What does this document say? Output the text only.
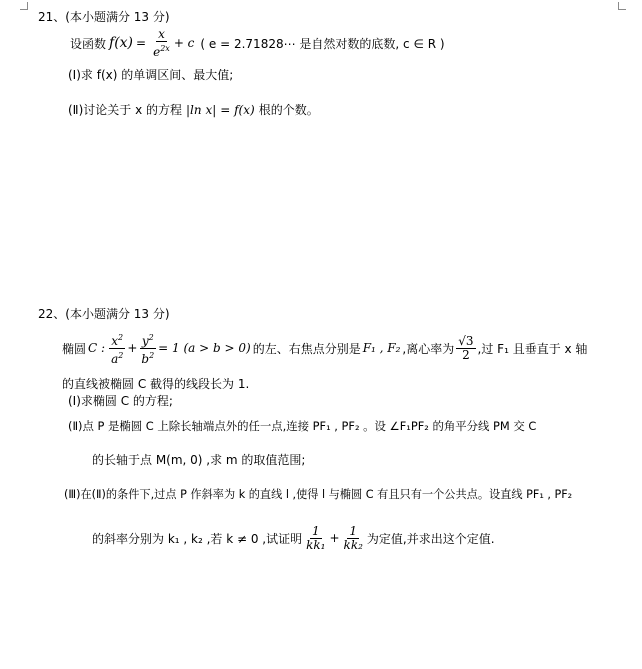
21、(本小题满分 13 分)
设函数 $f(x) = \frac{x}{e^{2x}} + c$ ( e = 2.71828⋯ 是自然对数的底数, c ∈ R )
(Ⅰ)求 f(x) 的单调区间、最大值;
(Ⅱ)讨论关于 x 的方程 |ln x| = f(x) 根的个数。
22、(本小题满分 13 分)
椭圆 C : $\frac{x^2}{a^2} + \frac{y^2}{b^2} = 1$ (a > b > 0) 的左、右焦点分别是 F₁ , F₂ ,离心率为 $\frac{√3}{2}$ ,过 F₁ 且垂直于 x 轴
的直线被椭圆 C 截得的线段长为 1.
(Ⅰ)求椭圆 C 的方程;
(Ⅱ)点 P 是椭圆 C 上除长轴端点外的任一点,连接 PF₁ , PF₂ 。设 ∠F₁PF₂ 的角平分线 PM 交 C
的长轴于点 M(m, 0) ,求 m 的取值范围;
(Ⅲ)在(Ⅱ)的条件下,过点 P 作斜率为 k 的直线 l ,使得 l 与椭圆 C 有且只有一个公共点。设直线 PF₁ , PF₂
的斜率分别为 k₁ , k₂ ,若 k ≠ 0 ,试证明 $\frac{1}{\text{kk₁}} + \frac{1}{\text{kk₂}}$ 为定值,并求出这个定值.
